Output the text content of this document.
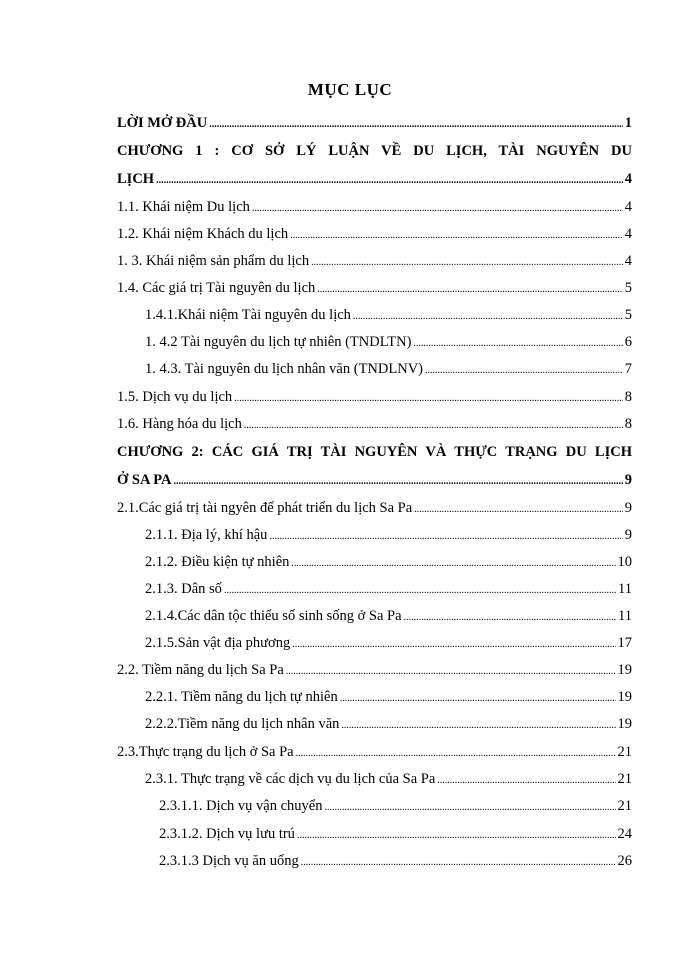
MỤC LỤC
LỜI MỞ ĐẦU .....	1
CHƯƠNG 1 : CƠ SỞ LÝ LUẬN VỀ DU LỊCH, TÀI NGUYÊN DU
LỊCH .....	4
1.1. Khái niệm Du lịch .....	4
1.2. Khái niệm Khách du lịch .....	4
1. 3. Khái niệm sản phẩm du lịch .....	4
1.4. Các giá trị Tài nguyên du lịch .....	5
1.4.1.Khái niệm Tài nguyên du lịch .....	5
1. 4.2 Tài nguyên du lịch tự nhiên (TNDLTN) .....	6
1. 4.3. Tài nguyên du lịch nhân văn (TNDLNV) .....	7
1.5. Dịch vụ du lịch .....	8
1.6. Hàng hóa du lịch .....	8
CHƯƠNG 2: CÁC GIÁ TRỊ TÀI NGUYÊN VÀ THỰC TRẠNG DU LỊCH
Ở SA PA .....	9
2.1.Các giá trị tài ngyên để phát triển du lịch Sa Pa .....	9
2.1.1. Địa lý, khí hậu .....	9
2.1.2. Điều kiện tự nhiên .....	10
2.1.3. Dân số .....	11
2.1.4.Các dân tộc thiểu số sinh sống ở Sa Pa .....	11
2.1.5.Sản vật địa phương .....	17
2.2. Tiềm năng du lịch Sa Pa .....	19
2.2.1. Tiềm năng du lịch tự nhiên .....	19
2.2.2.Tiềm năng du lịch nhân văn .....	19
2.3.Thực trạng du lịch ở Sa Pa .....	21
2.3.1. Thực trạng về các dịch vụ du lịch của Sa Pa .....	21
2.3.1.1. Dịch vụ vận chuyển .....	21
2.3.1.2. Dịch vụ lưu trú .....	24
2.3.1.3 Dịch vụ ăn uống .....	26
